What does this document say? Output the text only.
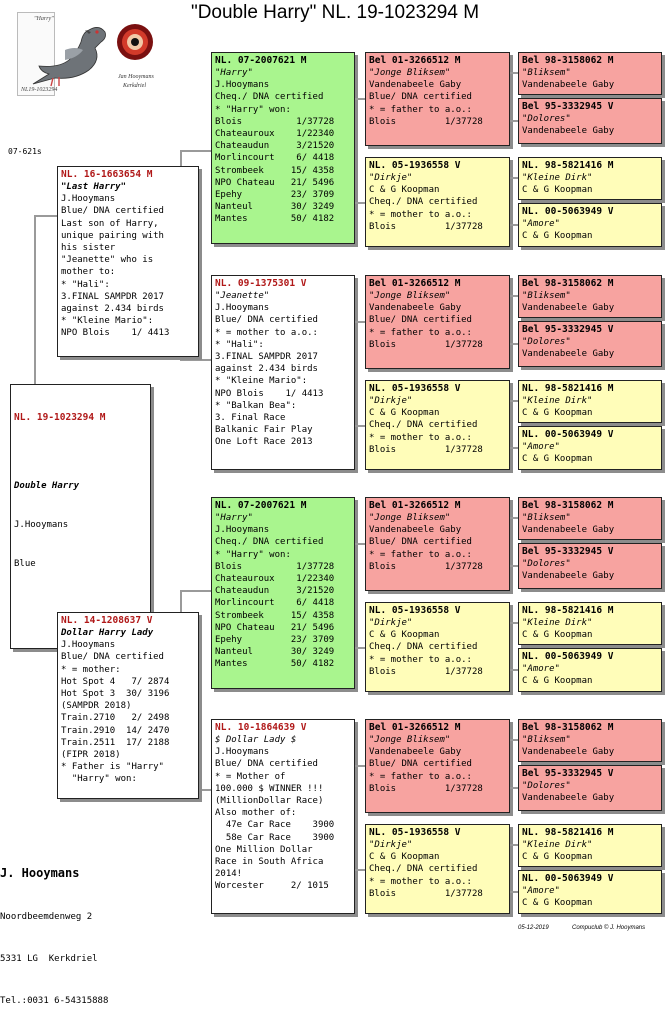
"Double Harry" NL. 19-1023294 M
"Harry"
NL19-1023294
Jan Hooymans
Kerkdriel
07-621s

NL. 19-1023294 M

Double Harry

J.Hooymans

Blue

NL. 16-1663654 M
"Last Harry"
J.Hooymans
Blue/ DNA certified
Last son of Harry,
unique pairing with
his sister
"Jeanette" who is
mother to:
* "Hali":
3.FINAL SAMPDR 2017
against 2.434 birds
* "Kleine Mario":
NPO Blois    1/ 4413
NL. 14-1208637 V
Dollar Harry Lady
J.Hooymans
Blue/ DNA certified
* = mother:
Hot Spot 4   7/ 2874
Hot Spot 3  30/ 3196
(SAMPDR 2018)
Train.2710   2/ 2498
Train.2910  14/ 2470
Train.2511  17/ 2188
(FIPR 2018)
* Father is "Harry"
"Harry" won:
NL. 07-2007621 M
"Harry"
J.Hooymans
Cheq./ DNA certified
* "Harry" won:
Blois          1/37728
Chateauroux    1/22340
Chateaudun     3/21520
Morlincourt    6/ 4418
Strombeek     15/ 4358
NPO Chateau   21/ 5496
Epehy         23/ 3709
Nanteul       30/ 3249
Mantes        50/ 4182
NL. 09-1375301 V
"Jeanette"
J.Hooymans
Blue/ DNA certified
* = mother to a.o.:
* "Hali":
3.FINAL SAMPDR 2017
against 2.434 birds
* "Kleine Mario":
NPO Blois    1/ 4413
* "Balkan Bea":
3. Final Race
Balkanic Fair Play
One Loft Race 2013
NL. 07-2007621 M
"Harry"
J.Hooymans
Cheq./ DNA certified
* "Harry" won:
Blois          1/37728
Chateauroux    1/22340
Chateaudun     3/21520
Morlincourt    6/ 4418
Strombeek     15/ 4358
NPO Chateau   21/ 5496
Epehy         23/ 3709
Nanteul       30/ 3249
Mantes        50/ 4182
NL. 10-1864639 V
$ Dollar Lady $
J.Hooymans
Blue/ DNA certified
* = Mother of
100.000 $ WINNER !!!
(MillionDollar Race)
Also mother of:
47e Car Race    3900
58e Car Race    3900
One Million Dollar
Race in South Africa
2014!
Worcester     2/ 1015
Bel 01-3266512 M
"Jonge Bliksem"
Vandenabeele Gaby
Blue/ DNA certified
* = father to a.o.:
Blois         1/37728
NL. 05-1936558 V
"Dirkje"
C & G Koopman
Cheq./ DNA certified
* = mother to a.o.:
Blois         1/37728
Bel 98-3158062 M
"Bliksem"
Vandenabeele Gaby
Bel 95-3332945 V
"Dolores"
Vandenabeele Gaby
NL. 98-5821416 M
"Kleine Dirk"
C & G Koopman
NL. 00-5063949 V
"Amore"
C & G Koopman
Bel 01-3266512 M
"Jonge Bliksem"
Vandenabeele Gaby
Blue/ DNA certified
* = father to a.o.:
Blois         1/37728
NL. 05-1936558 V
"Dirkje"
C & G Koopman
Cheq./ DNA certified
* = mother to a.o.:
Blois         1/37728
Bel 98-3158062 M
"Bliksem"
Vandenabeele Gaby
Bel 95-3332945 V
"Dolores"
Vandenabeele Gaby
NL. 98-5821416 M
"Kleine Dirk"
C & G Koopman
NL. 00-5063949 V
"Amore"
C & G Koopman
Bel 01-3266512 M
"Jonge Bliksem"
Vandenabeele Gaby
Blue/ DNA certified
* = father to a.o.:
Blois         1/37728
NL. 05-1936558 V
"Dirkje"
C & G Koopman
Cheq./ DNA certified
* = mother to a.o.:
Blois         1/37728
Bel 98-3158062 M
"Bliksem"
Vandenabeele Gaby
Bel 95-3332945 V
"Dolores"
Vandenabeele Gaby
NL. 98-5821416 M
"Kleine Dirk"
C & G Koopman
NL. 00-5063949 V
"Amore"
C & G Koopman
Bel 01-3266512 M
"Jonge Bliksem"
Vandenabeele Gaby
Blue/ DNA certified
* = father to a.o.:
Blois         1/37728
NL. 05-1936558 V
"Dirkje"
C & G Koopman
Cheq./ DNA certified
* = mother to a.o.:
Blois         1/37728
Bel 98-3158062 M
"Bliksem"
Vandenabeele Gaby
Bel 95-3332945 V
"Dolores"
Vandenabeele Gaby
NL. 98-5821416 M
"Kleine Dirk"
C & G Koopman
NL. 00-5063949 V
"Amore"
C & G Koopman

J. Hooymans

Noordbeemdenweg 2

5331 LG  Kerkdriel

Tel.:0031 6-54315888

05-12-2019	Compuclub © J. Hooymans
